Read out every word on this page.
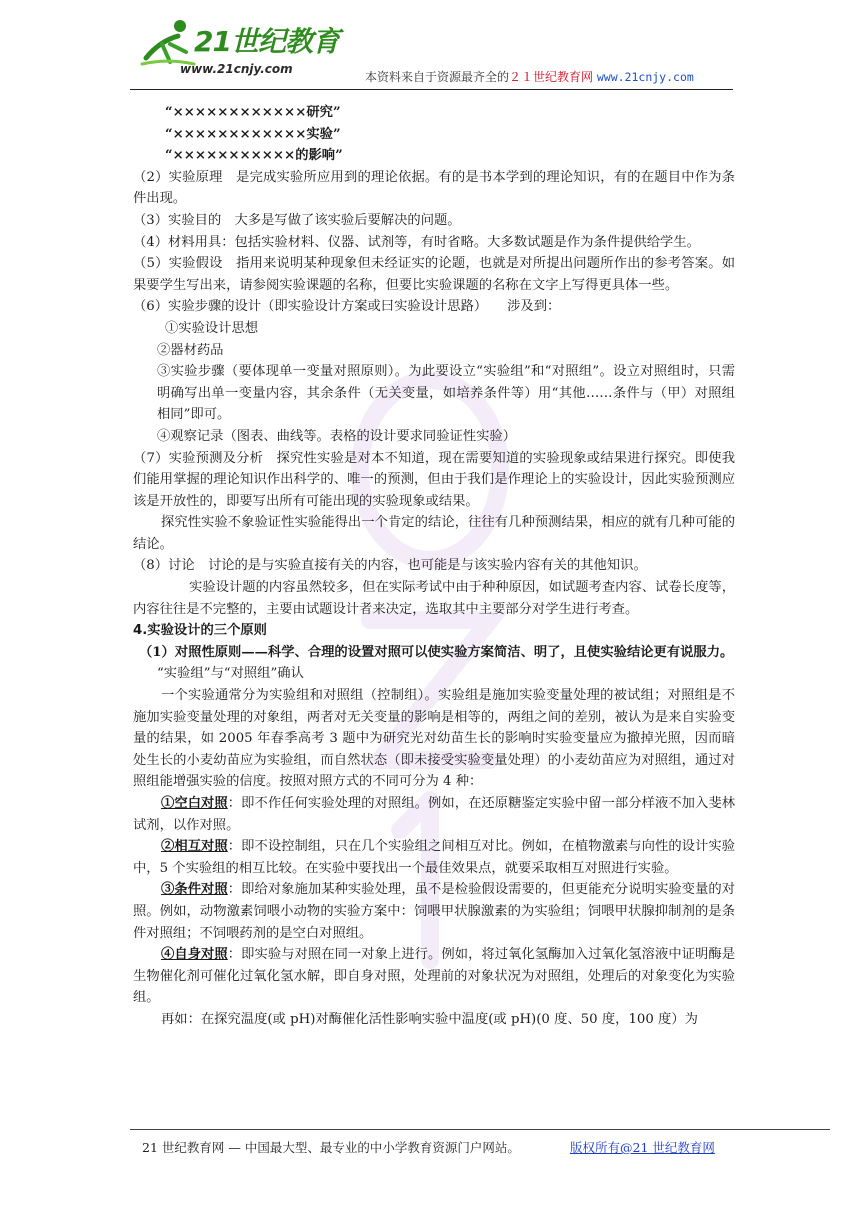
21世纪教育
www.21cnjy.com
本资料来自于资源最齐全的２１世纪教育网 www.21cnjy.com

“××××××××××××研究”

“××××××××××××实验”

“×××××××××××的影响”

（2）实验原理　是完成实验所应用到的理论依据。有的是书本学到的理论知识，有的在题目中作为条件出现。

（3）实验目的　大多是写做了该实验后要解决的问题。

（4）材料用具：包括实验材料、仪器、试剂等，有时省略。大多数试题是作为条件提供给学生。

（5）实验假设　指用来说明某种现象但未经证实的论题，也就是对所提出问题所作出的参考答案。如果要学生写出来，请参阅实验课题的名称，但要比实验课题的名称在文字上写得更具体一些。

（6）实验步骤的设计（即实验设计方案或曰实验设计思路）　　涉及到：

①实验设计思想

②器材药品

③实验步骤（要体现单一变量对照原则）。为此要设立“实验组”和“对照组”。设立对照组时，只需明确写出单一变量内容，其余条件（无关变量，如培养条件等）用“其他……条件与（甲）对照组相同”即可。

④观察记录（图表、曲线等。表格的设计要求同验证性实验）

（7）实验预测及分析　探究性实验是对本不知道，现在需要知道的实验现象或结果进行探究。即使我们能用掌握的理论知识作出科学的、唯一的预测，但由于我们是作理论上的实验设计，因此实验预测应该是开放性的，即要写出所有可能出现的实验现象或结果。

探究性实验不象验证性实验能得出一个肯定的结论，往往有几种预测结果，相应的就有几种可能的结论。

（8）讨论　讨论的是与实验直接有关的内容，也可能是与该实验内容有关的其他知识。

实验设计题的内容虽然较多，但在实际考试中由于种种原因，如试题考查内容、试卷长度等，内容往往是不完整的，主要由试题设计者来决定，选取其中主要部分对学生进行考查。

4.实验设计的三个原则

（1）对照性原则——科学、合理的设置对照可以使实验方案简洁、明了，且使实验结论更有说服力。

“实验组”与“对照组”确认

一个实验通常分为实验组和对照组（控制组）。实验组是施加实验变量处理的被试组；对照组是不施加实验变量处理的对象组，两者对无关变量的影响是相等的，两组之间的差别，被认为是来自实验变量的结果，如 2005 年春季高考 3 题中为研究光对幼苗生长的影响时实验变量应为撤掉光照，因而暗处生长的小麦幼苗应为实验组，而自然状态（即未接受实验变量处理）的小麦幼苗应为对照组，通过对照组能增强实验的信度。按照对照方式的不同可分为 4 种：

①空白对照：即不作任何实验处理的对照组。例如，在还原糖鉴定实验中留一部分样液不加入斐林试剂，以作对照。

②相互对照：即不设控制组，只在几个实验组之间相互对比。例如，在植物激素与向性的设计实验中，5 个实验组的相互比较。在实验中要找出一个最佳效果点，就要采取相互对照进行实验。

③条件对照：即给对象施加某种实验处理，虽不是检验假设需要的，但更能充分说明实验变量的对照。例如，动物激素饲喂小动物的实验方案中：饲喂甲状腺激素的为实验组；饲喂甲状腺抑制剂的是条件对照组；不饲喂药剂的是空白对照组。

④自身对照：即实验与对照在同一对象上进行。例如，将过氧化氢酶加入过氧化氢溶液中证明酶是生物催化剂可催化过氧化氢水解，即自身对照，处理前的对象状况为对照组，处理后的对象变化为实验组。

再如：在探究温度(或 pH)对酶催化活性影响实验中温度(或 pH)(0 度、50 度，100 度）为

21 世纪教育网 — 中国最大型、最专业的中小学教育资源门户网站。	版权所有@21 世纪教育网
